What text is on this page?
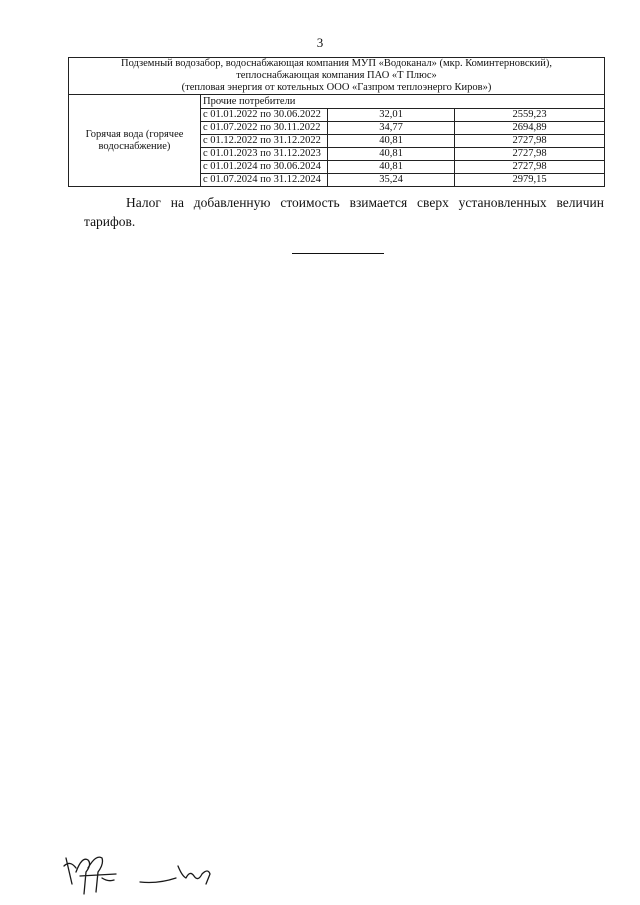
3
Подземный водозабор, водоснабжающая компания МУП «Водоканал» (мкр. Коминтерновский),
теплоснабжающая компания ПАО «Т Плюс»
(тепловая энергия от котельных ООО «Газпром теплоэнерго Киров»)			

Горячая вода (горячее водоснабжение)	Прочие потребители		
	с 01.01.2022 по 30.06.2022	32,01	2559,23
	с 01.07.2022 по 30.11.2022	34,77	2694,89
	с 01.12.2022 по 31.12.2022	40,81	2727,98
	с 01.01.2023 по 31.12.2023	40,81	2727,98
	с 01.01.2024 по 30.06.2024	40,81	2727,98
	с 01.07.2024 по 31.12.2024	35,24	2979,15

Налог на добавленную стоимость взимается сверх установленных величин тарифов.
